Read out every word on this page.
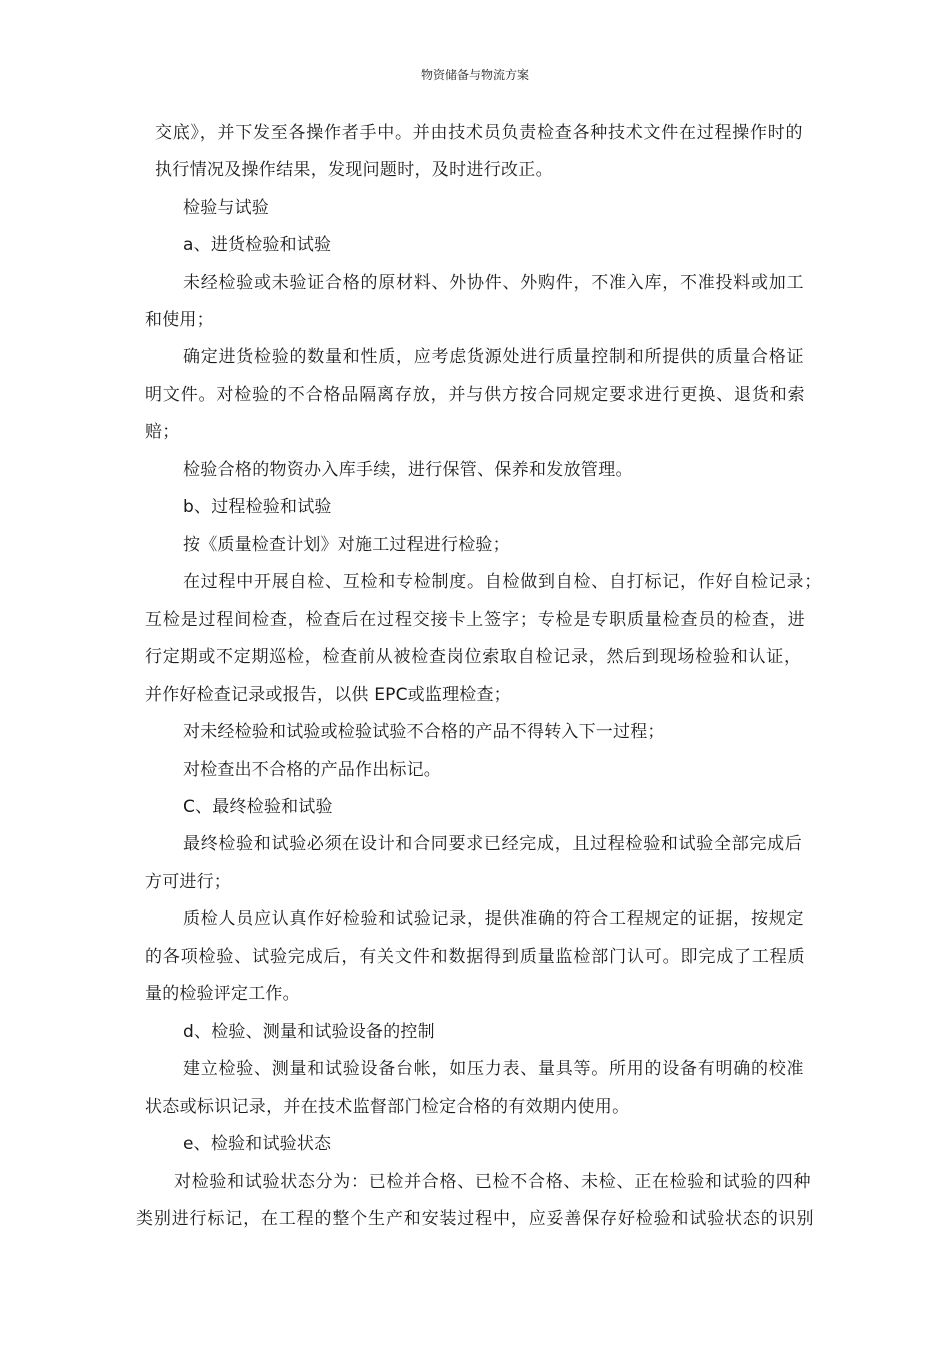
物资储备与物流方案
交底》，并下发至各操作者手中。并由技术员负责检查各种技术文件在过程操作时的
执行情况及操作结果，发现问题时，及时进行改正。
检验与试验
a、进货检验和试验
未经检验或未验证合格的原材料、外协件、外购件，不准入库，不准投料或加工
和使用；
确定进货检验的数量和性质，应考虑货源处进行质量控制和所提供的质量合格证
明文件。对检验的不合格品隔离存放，并与供方按合同规定要求进行更换、退货和索
赔；
检验合格的物资办入库手续，进行保管、保养和发放管理。
b、过程检验和试验
按《质量检查计划》对施工过程进行检验；
在过程中开展自检、互检和专检制度。自检做到自检、自打标记，作好自检记录；
互检是过程间检查，检查后在过程交接卡上签字；专检是专职质量检查员的检查，进
行定期或不定期巡检，检查前从被检查岗位索取自检记录，然后到现场检验和认证，
并作好检查记录或报告，以供 EPC或监理检查；
对未经检验和试验或检验试验不合格的产品不得转入下一过程；
对检查出不合格的产品作出标记。
C、最终检验和试验
最终检验和试验必须在设计和合同要求已经完成，且过程检验和试验全部完成后
方可进行；
质检人员应认真作好检验和试验记录，提供准确的符合工程规定的证据，按规定
的各项检验、试验完成后，有关文件和数据得到质量监检部门认可。即完成了工程质
量的检验评定工作。
d、检验、测量和试验设备的控制
建立检验、测量和试验设备台帐，如压力表、量具等。所用的设备有明确的校准
状态或标识记录，并在技术监督部门检定合格的有效期内使用。
e、检验和试验状态
对检验和试验状态分为：已检并合格、已检不合格、未检、正在检验和试验的四种
类别进行标记，在工程的整个生产和安装过程中，应妥善保存好检验和试验状态的识别
